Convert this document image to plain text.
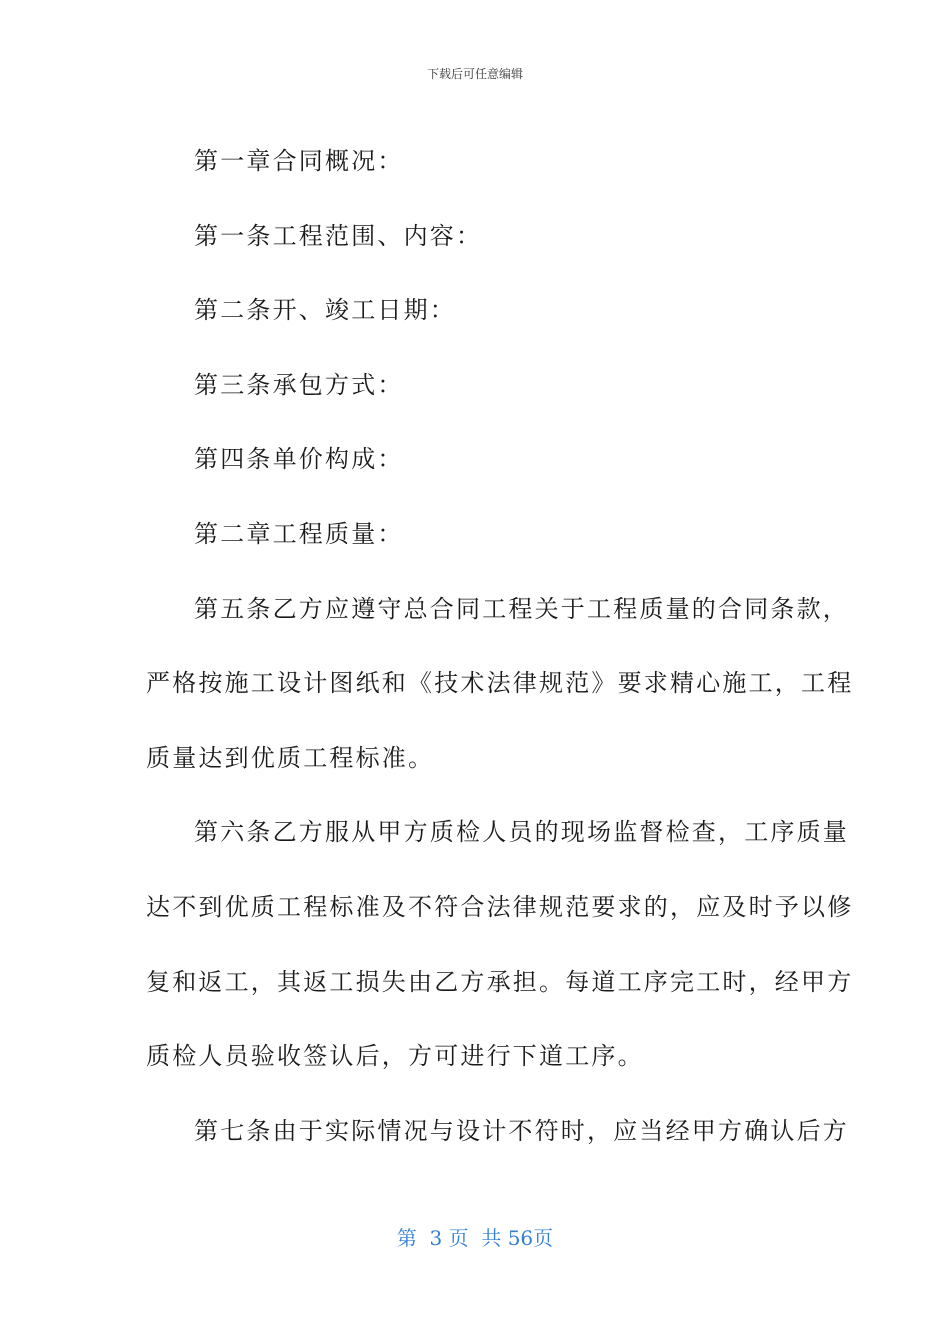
下载后可任意编辑

第一章合同概况：

第一条工程范围、内容：

第二条开、竣工日期：

第三条承包方式：

第四条单价构成：

第二章工程质量：

第五条乙方应遵守总合同工程关于工程质量的合同条款，
严格按施工设计图纸和《技术法律规范》要求精心施工，工程
质量达到优质工程标准。

第六条乙方服从甲方质检人员的现场监督检查，工序质量
达不到优质工程标准及不符合法律规范要求的，应及时予以修
复和返工，其返工损失由乙方承担。每道工序完工时，经甲方
质检人员验收签认后，方可进行下道工序。

第七条由于实际情况与设计不符时，应当经甲方确认后方

第  3 页  共 56页
